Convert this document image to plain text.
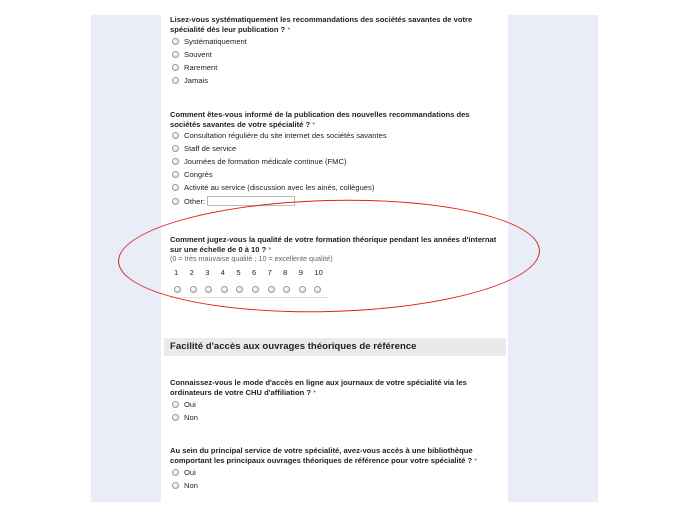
Lisez-vous systématiquement les recommandations des sociétés savantes de votre
spécialité dès leur publication ? *
Systématiquement
Souvent
Rarement
Jamais
Comment êtes-vous informé de la publication des nouvelles recommandations des
sociétés savantes de votre spécialité ? *
Consultation régulière du site internet des sociétés savantes
Staff de service
Journées de formation médicale continue (FMC)
Congrès
Activité au service (discussion avec les ainés, collègues)
Other:
Comment jugez-vous la qualité de votre formation théorique pendant les années d'internat
sur une échelle de 0 à 10 ? *
(0 = très mauvaise qualité ; 10 = excellente qualité)
1	2	3	4	5	6	7	8	9	10
Facilité d'accès aux ouvrages théoriques de référence
Connaissez-vous le mode d'accès en ligne aux journaux de votre spécialité via les
ordinateurs de votre CHU d'affiliation ? *
Oui
Non
Au sein du principal service de votre spécialité, avez-vous accès à une bibliothèque
comportant les principaux ouvrages théoriques de référence pour votre spécialité ? *
Oui
Non
